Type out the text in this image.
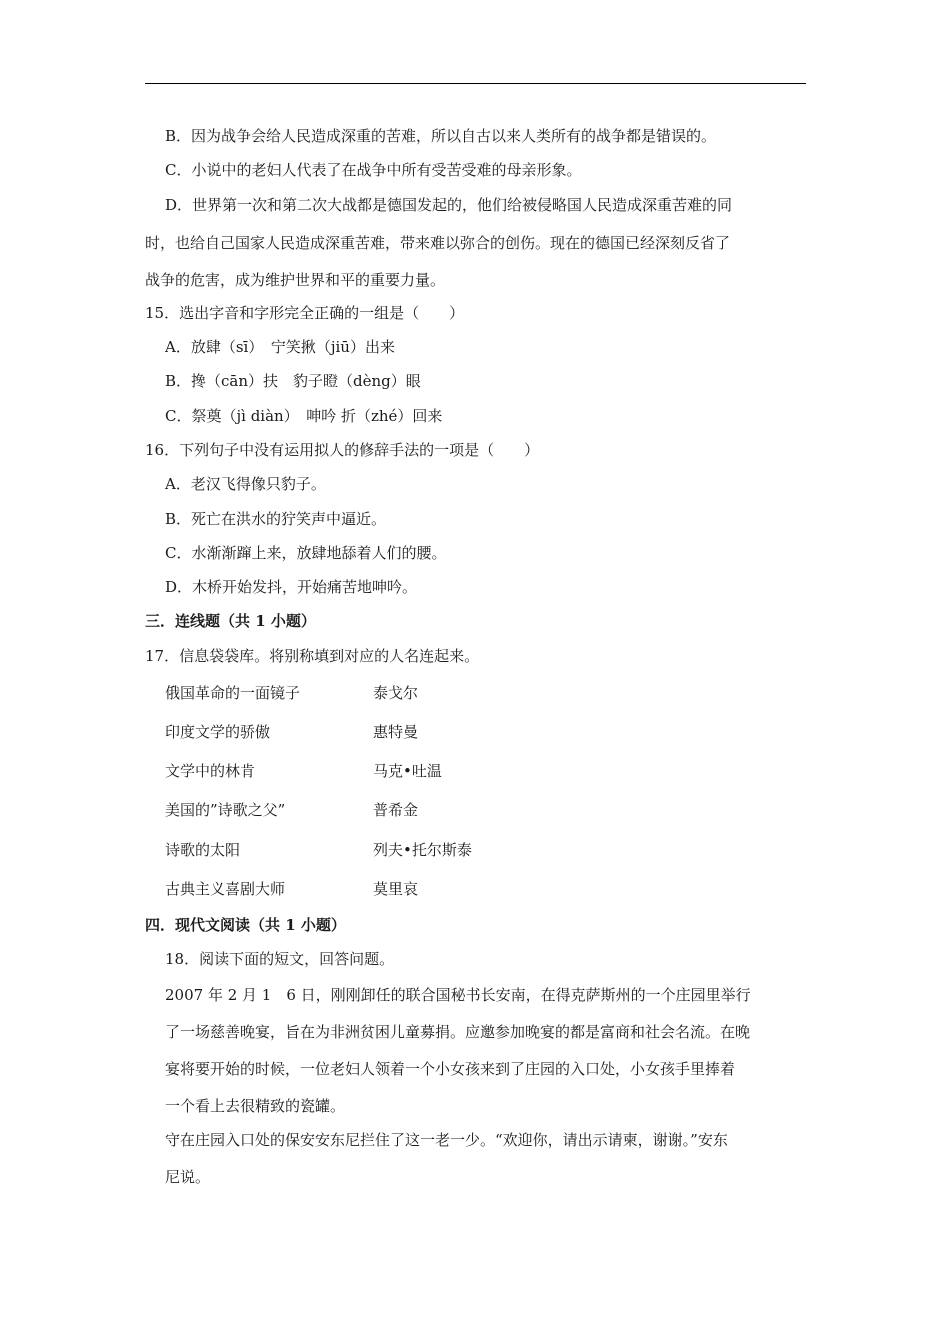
B．因为战争会给人民造成深重的苦难，所以自古以来人类所有的战争都是错误的。
C．小说中的老妇人代表了在战争中所有受苦受难的母亲形象。
D．世界第一次和第二次大战都是德国发起的，他们给被侵略国人民造成深重苦难的同
时，也给自己国家人民造成深重苦难，带来难以弥合的创伤。现在的德国已经深刻反省了
战争的危害，成为维护世界和平的重要力量。
15．选出字音和字形完全正确的一组是（　　）
A．放肆（sī）　宁笑揪（jiū）出来
B．搀（cān）扶　豹子瞪（dèng）眼
C．祭奠（jì diàn）　呻吟 折（zhé）回来
16．下列句子中没有运用拟人的修辞手法的一项是（　　）
A．老汉飞得像只豹子。
B．死亡在洪水的狞笑声中逼近。
C．水渐渐蹿上来，放肆地舔着人们的腰。
D．木桥开始发抖，开始痛苦地呻吟。
三．连线题（共 1 小题）
17．信息袋袋库。将别称填到对应的人名连起来。
俄国革命的一面镜子	泰戈尔
印度文学的骄傲	惠特曼
文学中的林肯	马克•吐温
美国的”诗歌之父”	普希金
诗歌的太阳	列夫•托尔斯泰
古典主义喜剧大师	莫里哀
四．现代文阅读（共 1 小题）
18．阅读下面的短文，回答问题。
2007 年 2 月 1　6 日，刚刚卸任的联合国秘书长安南，在得克萨斯州的一个庄园里举行
了一场慈善晚宴，旨在为非洲贫困儿童募捐。应邀参加晚宴的都是富商和社会名流。在晚
宴将要开始的时候，一位老妇人领着一个小女孩来到了庄园的入口处，小女孩手里捧着
一个看上去很精致的瓷罐。
守在庄园入口处的保安安东尼拦住了这一老一少。“欢迎你，请出示请柬，谢谢。”安东
尼说。
